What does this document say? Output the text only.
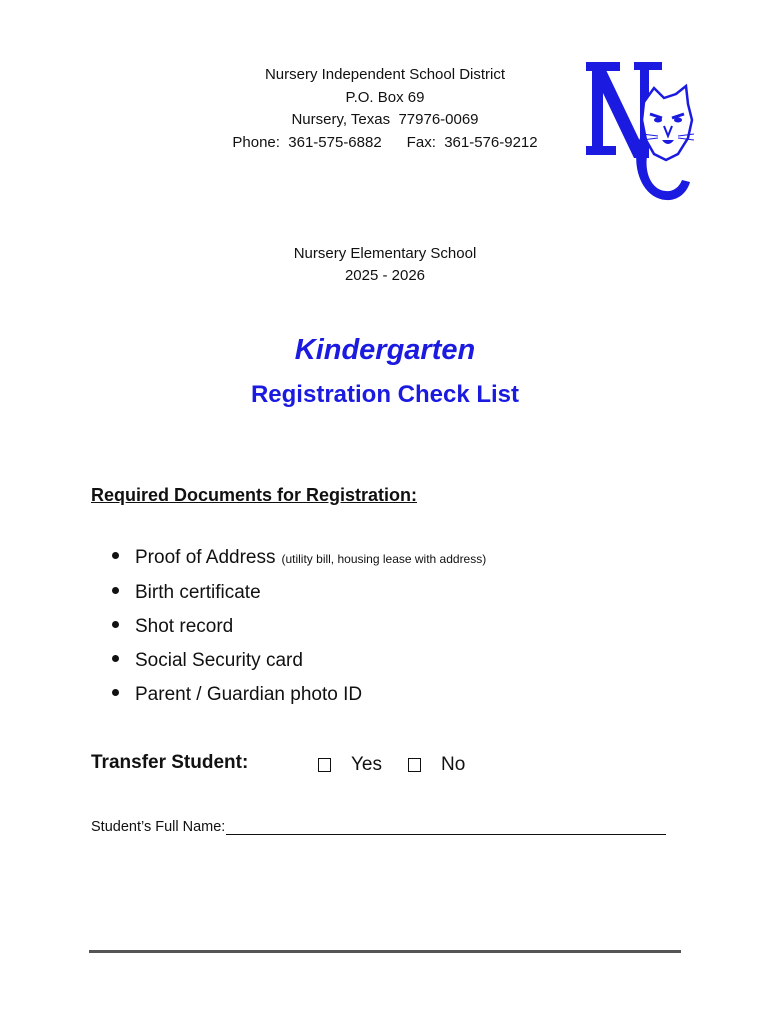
Nursery Independent School District
P.O. Box 69
Nursery, Texas  77976-0069
Phone:  361-575-6882      Fax:  361-576-9212
Nursery Elementary School
2025 - 2026
Kindergarten
Registration Check List
Required Documents for Registration:
Proof of Address (utility bill, housing lease with address)
Birth certificate
Shot record
Social Security card
Parent / Guardian photo ID
Transfer Student:	Yes	No
Student’s Full Name:
